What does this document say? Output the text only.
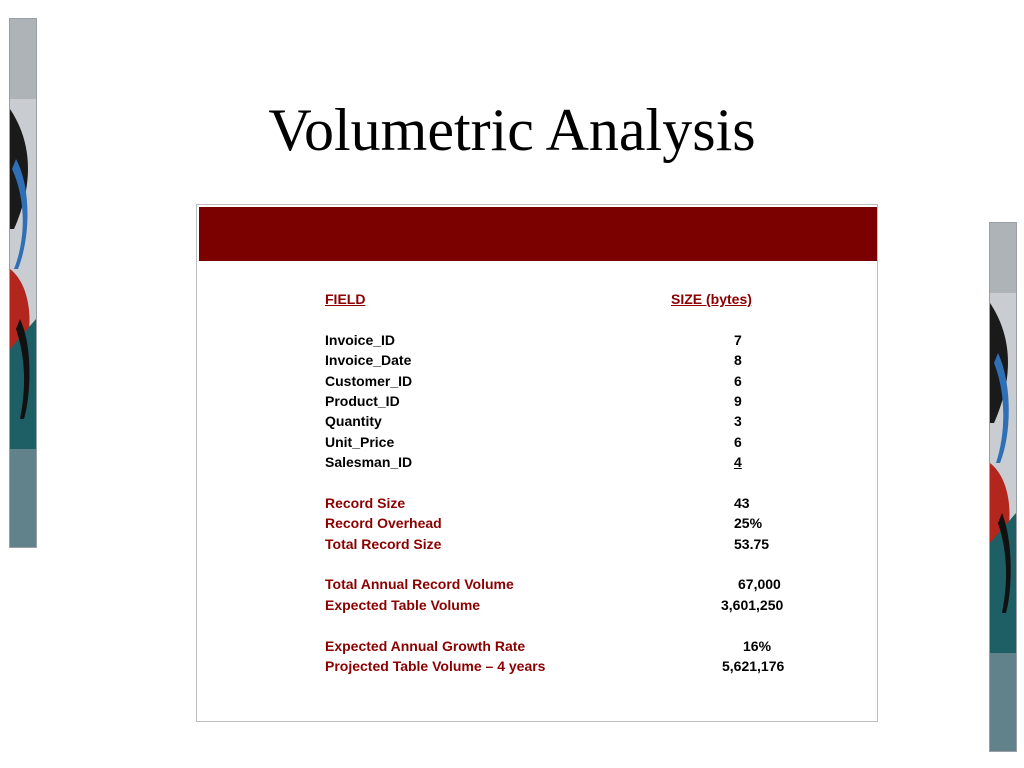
Volumetric Analysis
FIELD	SIZE (bytes)
Invoice_ID	7
Invoice_Date	8
Customer_ID	6
Product_ID	9
Quantity	3
Unit_Price	6
Salesman_ID	4
Record Size	43
Record Overhead	25%
Total Record Size	53.75
Total Annual Record Volume	67,000
Expected Table Volume	3,601,250
Expected Annual Growth Rate	16%
Projected Table Volume – 4 years	5,621,176
